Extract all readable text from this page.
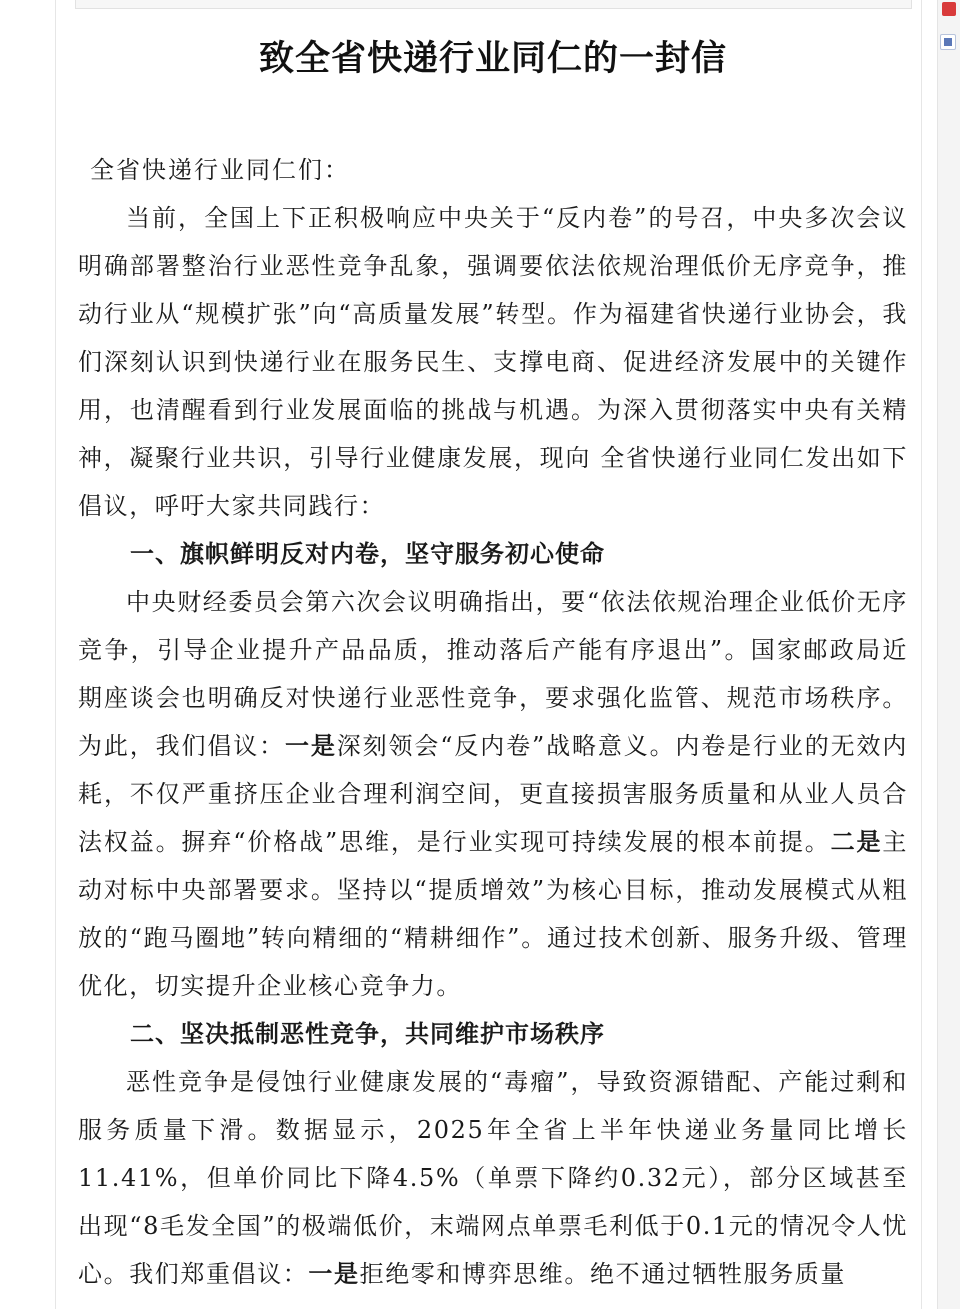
致全省快递行业同仁的一封信
全省快递行业同仁们：

当前，全国上下正积极响应中央关于“反内卷”的号召，中央多次会议明确部署整治行业恶性竞争乱象，强调要依法依规治理低价无序竞争，推动行业从“规模扩张”向“高质量发展”转型。作为福建省快递行业协会，我们深刻认识到快递行业在服务民生、支撑电商、促进经济发展中的关键作用，也清醒看到行业发展面临的挑战与机遇。为深入贯彻落实中央有关精神，凝聚行业共识，引导行业健康发展，现向 全省快递行业同仁发出如下倡议，呼吁大家共同践行：

一、旗帜鲜明反对内卷，坚守服务初心使命

中央财经委员会第六次会议明确指出，要“依法依规治理企业低价无序竞争，引导企业提升产品品质，推动落后产能有序退出”。国家邮政局近期座谈会也明确反对快递行业恶性竞争，要求强化监管、规范市场秩序。为此，我们倡议：一是深刻领会“反内卷”战略意义。内卷是行业的无效内耗，不仅严重挤压企业合理利润空间，更直接损害服务质量和从业人员合法权益。摒弃“价格战”思维，是行业实现可持续发展的根本前提。二是主动对标中央部署要求。坚持以“提质增效”为核心目标，推动发展模式从粗放的“跑马圈地”转向精细的“精耕细作”。通过技术创新、服务升级、管理优化，切实提升企业核心竞争力。

二、坚决抵制恶性竞争，共同维护市场秩序

恶性竞争是侵蚀行业健康发展的“毒瘤”，导致资源错配、产能过剩和服务质量下滑。数据显示，2025年全省上半年快递业务量同比增长11.41%，但单价同比下降4.5%（单票下降约0.32元），部分区域甚至出现“8毛发全国”的极端低价，末端网点单票毛利低于0.1元的情况令人忧心。我们郑重倡议：一是拒绝零和博弈思维。绝不通过牺牲服务质量
